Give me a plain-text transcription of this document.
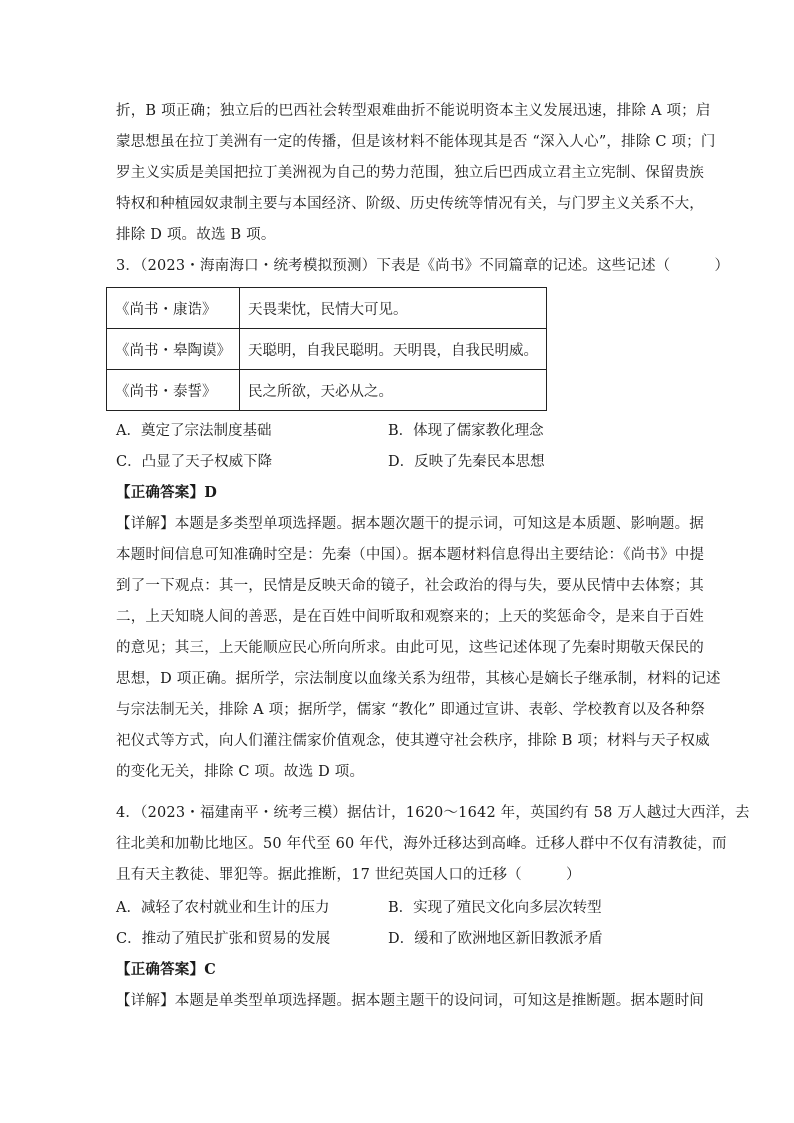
折，B 项正确；独立后的巴西社会转型艰难曲折不能说明资本主义发展迅速，排除 A 项；启
蒙思想虽在拉丁美洲有一定的传播，但是该材料不能体现其是否 “深入人心”，排除 C 项；门
罗主义实质是美国把拉丁美洲视为自己的势力范围，独立后巴西成立君主立宪制、保留贵族
特权和种植园奴隶制主要与本国经济、阶级、历史传统等情况有关，与门罗主义关系不大，
排除 D 项。故选 B 项。
3．（2023・海南海口・统考模拟预测）下表是《尚书》不同篇章的记述。这些记述（　　　）
《尚书・康诰》	天畏棐忱，民情大可见。
《尚书・皋陶谟》	天聪明，自我民聪明。天明畏，自我民明威。
《尚书・泰誓》	民之所欲，天必从之。
A．奠定了宗法制度基础	B．体现了儒家教化理念
C．凸显了天子权威下降	D．反映了先秦民本思想
【正确答案】D
【详解】本题是多类型单项选择题。据本题次题干的提示词，可知这是本质题、影响题。据
本题时间信息可知准确时空是：先秦（中国）。据本题材料信息得出主要结论：《尚书》中提
到了一下观点：其一，民情是反映天命的镜子，社会政治的得与失，要从民情中去体察；其
二，上天知晓人间的善恶，是在百姓中间听取和观察来的；上天的奖惩命令，是来自于百姓
的意见；其三，上天能顺应民心所向所求。由此可见，这些记述体现了先秦时期敬天保民的
思想，D 项正确。据所学，宗法制度以血缘关系为纽带，其核心是嫡长子继承制，材料的记述
与宗法制无关，排除 A 项；据所学，儒家 “教化” 即通过宣讲、表彰、学校教育以及各种祭
祀仪式等方式，向人们灌注儒家价值观念，使其遵守社会秩序，排除 B 项；材料与天子权威
的变化无关，排除 C 项。故选 D 项。
4．（2023・福建南平・统考三模）据估计，1620～1642 年，英国约有 58 万人越过大西洋，去
往北美和加勒比地区。50 年代至 60 年代，海外迁移达到高峰。迁移人群中不仅有清教徒，而
且有天主教徒、罪犯等。据此推断，17 世纪英国人口的迁移（　　　）
A．减轻了农村就业和生计的压力	B．实现了殖民文化向多层次转型
C．推动了殖民扩张和贸易的发展	D．缓和了欧洲地区新旧教派矛盾
【正确答案】C
【详解】本题是单类型单项选择题。据本题主题干的设问词，可知这是推断题。据本题时间
